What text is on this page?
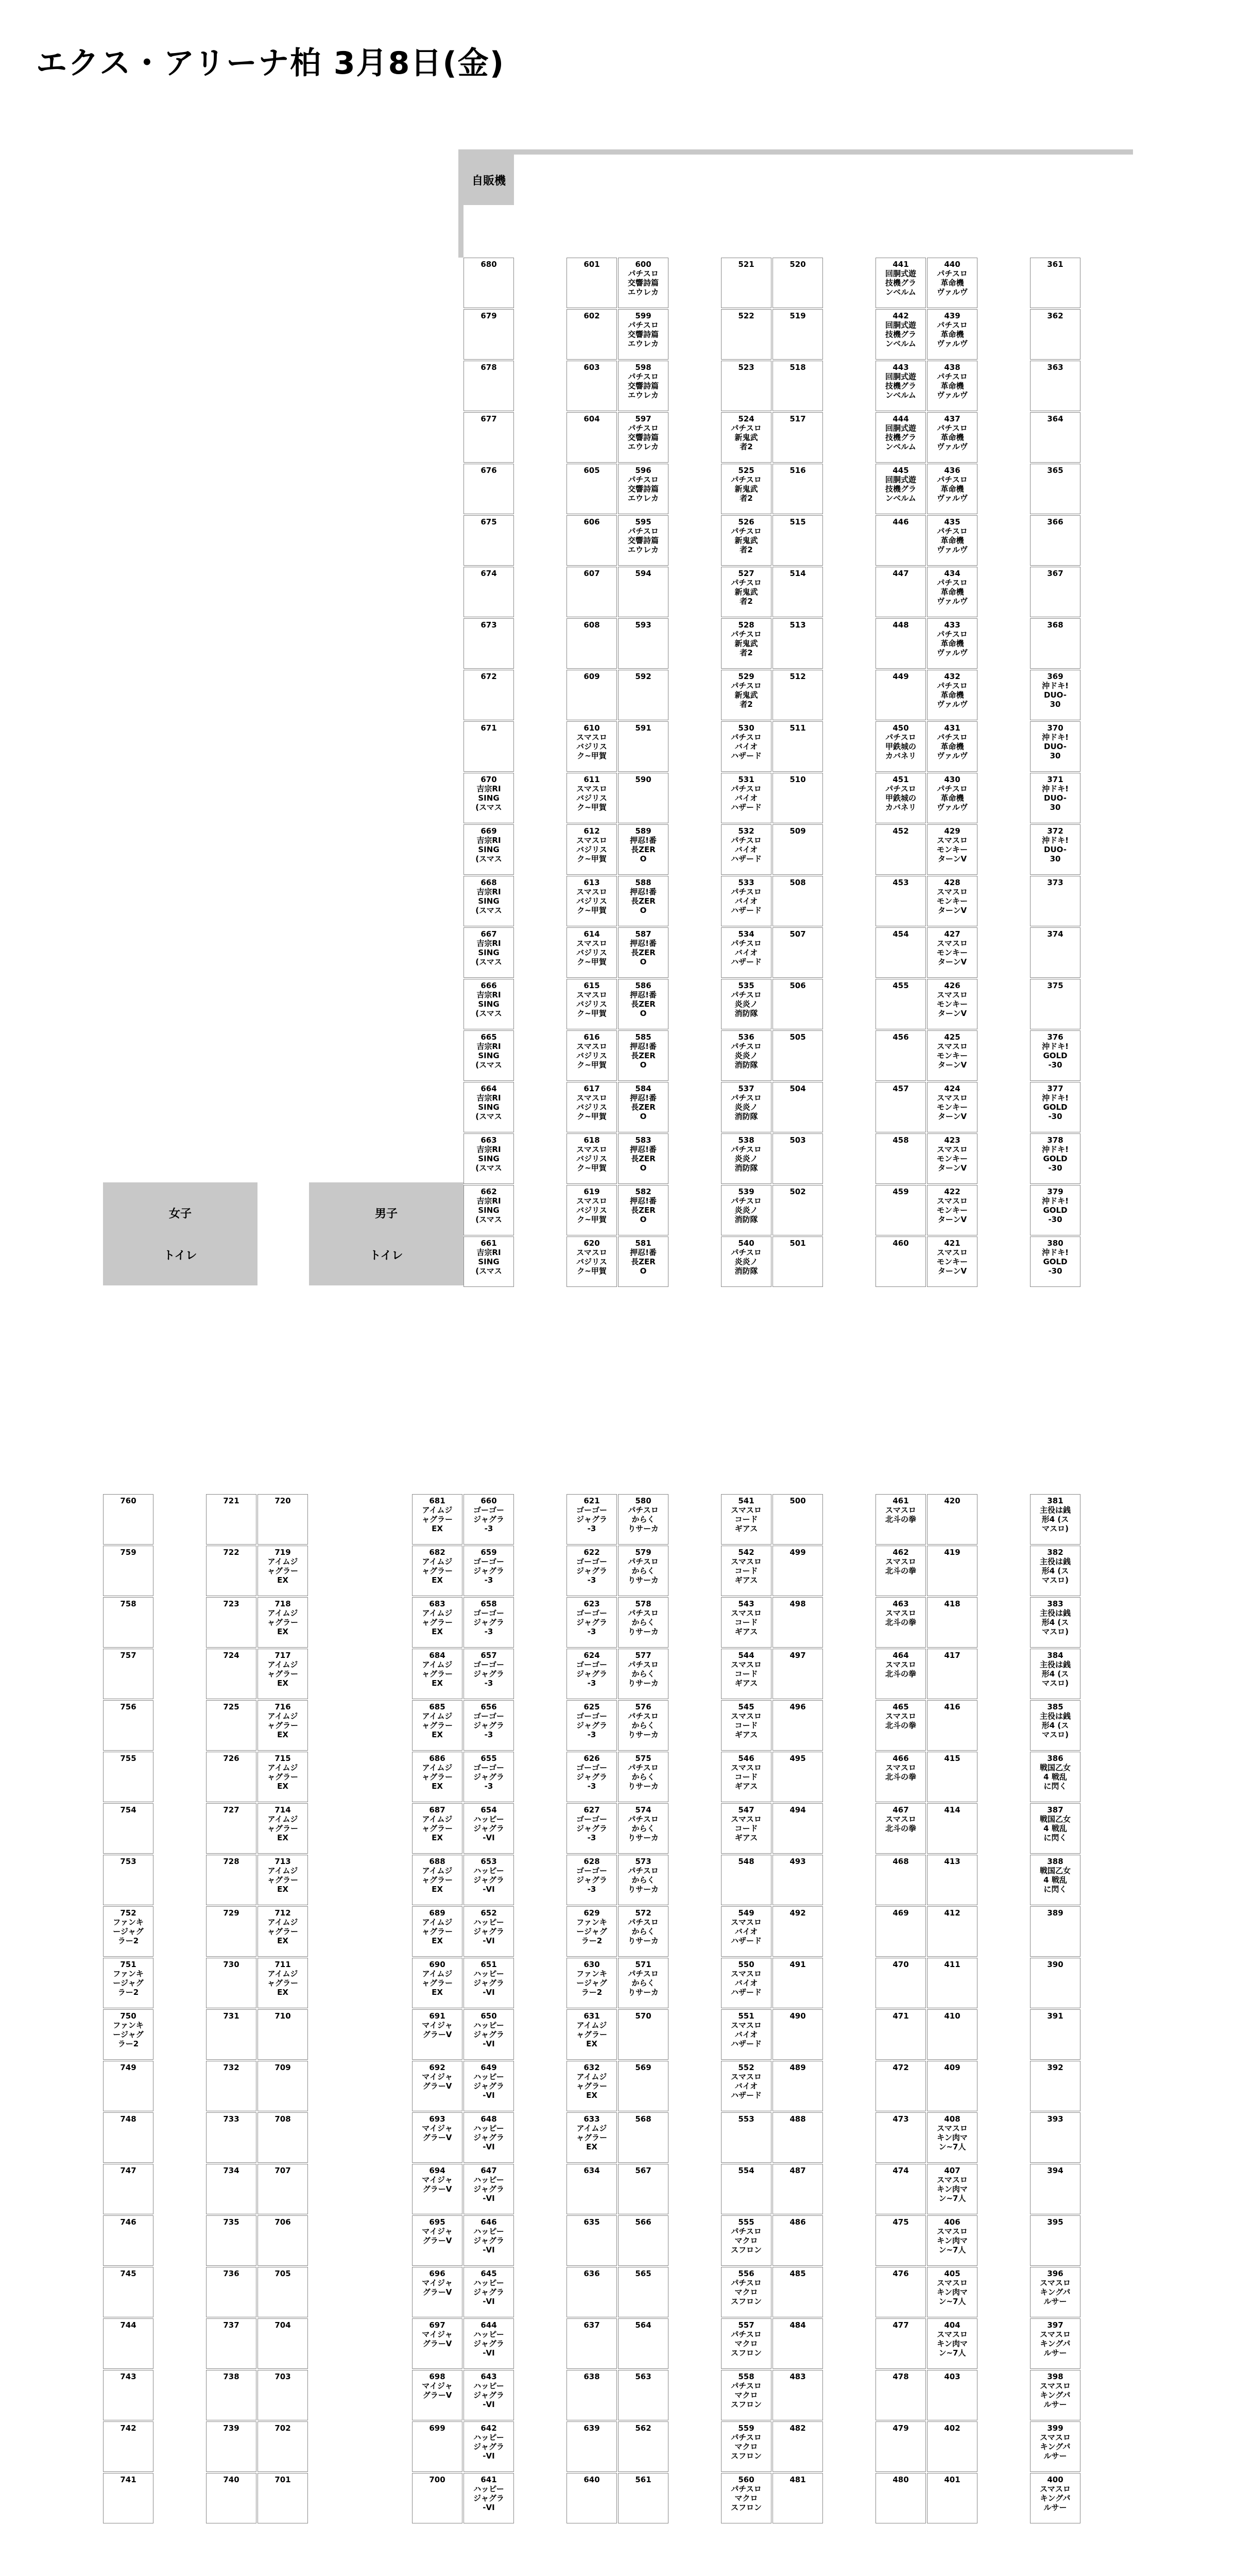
エクス・アリーナ柏 3月8日(金)
自販機
女子
トイレ
男子
トイレ
680
679
678
677
676
675
674
673
672
671
670
吉宗RI
SING
(スマス
669
吉宗RI
SING
(スマス
668
吉宗RI
SING
(スマス
667
吉宗RI
SING
(スマス
666
吉宗RI
SING
(スマス
665
吉宗RI
SING
(スマス
664
吉宗RI
SING
(スマス
663
吉宗RI
SING
(スマス
662
吉宗RI
SING
(スマス
661
吉宗RI
SING
(スマス
601
602
603
604
605
606
607
608
609
610
スマスロ
バジリス
ク~甲賀
611
スマスロ
バジリス
ク~甲賀
612
スマスロ
バジリス
ク~甲賀
613
スマスロ
バジリス
ク~甲賀
614
スマスロ
バジリス
ク~甲賀
615
スマスロ
バジリス
ク~甲賀
616
スマスロ
バジリス
ク~甲賀
617
スマスロ
バジリス
ク~甲賀
618
スマスロ
バジリス
ク~甲賀
619
スマスロ
バジリス
ク~甲賀
620
スマスロ
バジリス
ク~甲賀
600
パチスロ
交響詩篇
エウレカ
599
パチスロ
交響詩篇
エウレカ
598
パチスロ
交響詩篇
エウレカ
597
パチスロ
交響詩篇
エウレカ
596
パチスロ
交響詩篇
エウレカ
595
パチスロ
交響詩篇
エウレカ
594
593
592
591
590
589
押忍!番
長ZER
O
588
押忍!番
長ZER
O
587
押忍!番
長ZER
O
586
押忍!番
長ZER
O
585
押忍!番
長ZER
O
584
押忍!番
長ZER
O
583
押忍!番
長ZER
O
582
押忍!番
長ZER
O
581
押忍!番
長ZER
O
521
522
523
524
パチスロ
新鬼武
者2
525
パチスロ
新鬼武
者2
526
パチスロ
新鬼武
者2
527
パチスロ
新鬼武
者2
528
パチスロ
新鬼武
者2
529
パチスロ
新鬼武
者2
530
パチスロ
バイオ
ハザード
531
パチスロ
バイオ
ハザード
532
パチスロ
バイオ
ハザード
533
パチスロ
バイオ
ハザード
534
パチスロ
バイオ
ハザード
535
パチスロ
炎炎ノ
消防隊
536
パチスロ
炎炎ノ
消防隊
537
パチスロ
炎炎ノ
消防隊
538
パチスロ
炎炎ノ
消防隊
539
パチスロ
炎炎ノ
消防隊
540
パチスロ
炎炎ノ
消防隊
520
519
518
517
516
515
514
513
512
511
510
509
508
507
506
505
504
503
502
501
441
回胴式遊
技機グラ
ンベルム
442
回胴式遊
技機グラ
ンベルム
443
回胴式遊
技機グラ
ンベルム
444
回胴式遊
技機グラ
ンベルム
445
回胴式遊
技機グラ
ンベルム
446
447
448
449
450
パチスロ
甲鉄城の
カバネリ
451
パチスロ
甲鉄城の
カバネリ
452
453
454
455
456
457
458
459
460
440
パチスロ
革命機
ヴァルヴ
439
パチスロ
革命機
ヴァルヴ
438
パチスロ
革命機
ヴァルヴ
437
パチスロ
革命機
ヴァルヴ
436
パチスロ
革命機
ヴァルヴ
435
パチスロ
革命機
ヴァルヴ
434
パチスロ
革命機
ヴァルヴ
433
パチスロ
革命機
ヴァルヴ
432
パチスロ
革命機
ヴァルヴ
431
パチスロ
革命機
ヴァルヴ
430
パチスロ
革命機
ヴァルヴ
429
スマスロ
モンキー
ターンV
428
スマスロ
モンキー
ターンV
427
スマスロ
モンキー
ターンV
426
スマスロ
モンキー
ターンV
425
スマスロ
モンキー
ターンV
424
スマスロ
モンキー
ターンV
423
スマスロ
モンキー
ターンV
422
スマスロ
モンキー
ターンV
421
スマスロ
モンキー
ターンV
361
362
363
364
365
366
367
368
369
沖ドキ!
DUO-
30
370
沖ドキ!
DUO-
30
371
沖ドキ!
DUO-
30
372
沖ドキ!
DUO-
30
373
374
375
376
沖ドキ!
GOLD
-30
377
沖ドキ!
GOLD
-30
378
沖ドキ!
GOLD
-30
379
沖ドキ!
GOLD
-30
380
沖ドキ!
GOLD
-30
760
759
758
757
756
755
754
753
752
ファンキ
ージャグ
ラー2
751
ファンキ
ージャグ
ラー2
750
ファンキ
ージャグ
ラー2
749
748
747
746
745
744
743
742
741
721
722
723
724
725
726
727
728
729
730
731
732
733
734
735
736
737
738
739
740
720
719
アイムジ
ャグラー
EX
718
アイムジ
ャグラー
EX
717
アイムジ
ャグラー
EX
716
アイムジ
ャグラー
EX
715
アイムジ
ャグラー
EX
714
アイムジ
ャグラー
EX
713
アイムジ
ャグラー
EX
712
アイムジ
ャグラー
EX
711
アイムジ
ャグラー
EX
710
709
708
707
706
705
704
703
702
701
681
アイムジ
ャグラー
EX
682
アイムジ
ャグラー
EX
683
アイムジ
ャグラー
EX
684
アイムジ
ャグラー
EX
685
アイムジ
ャグラー
EX
686
アイムジ
ャグラー
EX
687
アイムジ
ャグラー
EX
688
アイムジ
ャグラー
EX
689
アイムジ
ャグラー
EX
690
アイムジ
ャグラー
EX
691
マイジャ
グラーV
692
マイジャ
グラーV
693
マイジャ
グラーV
694
マイジャ
グラーV
695
マイジャ
グラーV
696
マイジャ
グラーV
697
マイジャ
グラーV
698
マイジャ
グラーV
699
700
660
ゴーゴー
ジャグラ
-3
659
ゴーゴー
ジャグラ
-3
658
ゴーゴー
ジャグラ
-3
657
ゴーゴー
ジャグラ
-3
656
ゴーゴー
ジャグラ
-3
655
ゴーゴー
ジャグラ
-3
654
ハッピー
ジャグラ
-VⅠ
653
ハッピー
ジャグラ
-VⅠ
652
ハッピー
ジャグラ
-VⅠ
651
ハッピー
ジャグラ
-VⅠ
650
ハッピー
ジャグラ
-VⅠ
649
ハッピー
ジャグラ
-VⅠ
648
ハッピー
ジャグラ
-VⅠ
647
ハッピー
ジャグラ
-VⅠ
646
ハッピー
ジャグラ
-VⅠ
645
ハッピー
ジャグラ
-VⅠ
644
ハッピー
ジャグラ
-VⅠ
643
ハッピー
ジャグラ
-VⅠ
642
ハッピー
ジャグラ
-VⅠ
641
ハッピー
ジャグラ
-VⅠ
621
ゴーゴー
ジャグラ
-3
622
ゴーゴー
ジャグラ
-3
623
ゴーゴー
ジャグラ
-3
624
ゴーゴー
ジャグラ
-3
625
ゴーゴー
ジャグラ
-3
626
ゴーゴー
ジャグラ
-3
627
ゴーゴー
ジャグラ
-3
628
ゴーゴー
ジャグラ
-3
629
ファンキ
ージャグ
ラー2
630
ファンキ
ージャグ
ラー2
631
アイムジ
ャグラー
EX
632
アイムジ
ャグラー
EX
633
アイムジ
ャグラー
EX
634
635
636
637
638
639
640
580
パチスロ
からく
りサーカ
579
パチスロ
からく
りサーカ
578
パチスロ
からく
りサーカ
577
パチスロ
からく
りサーカ
576
パチスロ
からく
りサーカ
575
パチスロ
からく
りサーカ
574
パチスロ
からく
りサーカ
573
パチスロ
からく
りサーカ
572
パチスロ
からく
りサーカ
571
パチスロ
からく
りサーカ
570
569
568
567
566
565
564
563
562
561
541
スマスロ
コード
ギアス
542
スマスロ
コード
ギアス
543
スマスロ
コード
ギアス
544
スマスロ
コード
ギアス
545
スマスロ
コード
ギアス
546
スマスロ
コード
ギアス
547
スマスロ
コード
ギアス
548
549
スマスロ
バイオ
ハザード
550
スマスロ
バイオ
ハザード
551
スマスロ
バイオ
ハザード
552
スマスロ
バイオ
ハザード
553
554
555
パチスロ
マクロ
スフロン
556
パチスロ
マクロ
スフロン
557
パチスロ
マクロ
スフロン
558
パチスロ
マクロ
スフロン
559
パチスロ
マクロ
スフロン
560
パチスロ
マクロ
スフロン
500
499
498
497
496
495
494
493
492
491
490
489
488
487
486
485
484
483
482
481
461
スマスロ
北斗の拳
462
スマスロ
北斗の拳
463
スマスロ
北斗の拳
464
スマスロ
北斗の拳
465
スマスロ
北斗の拳
466
スマスロ
北斗の拳
467
スマスロ
北斗の拳
468
469
470
471
472
473
474
475
476
477
478
479
480
420
419
418
417
416
415
414
413
412
411
410
409
408
スマスロ
キン肉マ
ン~7人
407
スマスロ
キン肉マ
ン~7人
406
スマスロ
キン肉マ
ン~7人
405
スマスロ
キン肉マ
ン~7人
404
スマスロ
キン肉マ
ン~7人
403
402
401
381
主役は銭
形4 (ス
マスロ)
382
主役は銭
形4 (ス
マスロ)
383
主役は銭
形4 (ス
マスロ)
384
主役は銭
形4 (ス
マスロ)
385
主役は銭
形4 (ス
マスロ)
386
戦国乙女
4 戦乱
に閃く
387
戦国乙女
4 戦乱
に閃く
388
戦国乙女
4 戦乱
に閃く
389
390
391
392
393
394
395
396
スマスロ
キングパ
ルサー
397
スマスロ
キングパ
ルサー
398
スマスロ
キングパ
ルサー
399
スマスロ
キングパ
ルサー
400
スマスロ
キングパ
ルサー
